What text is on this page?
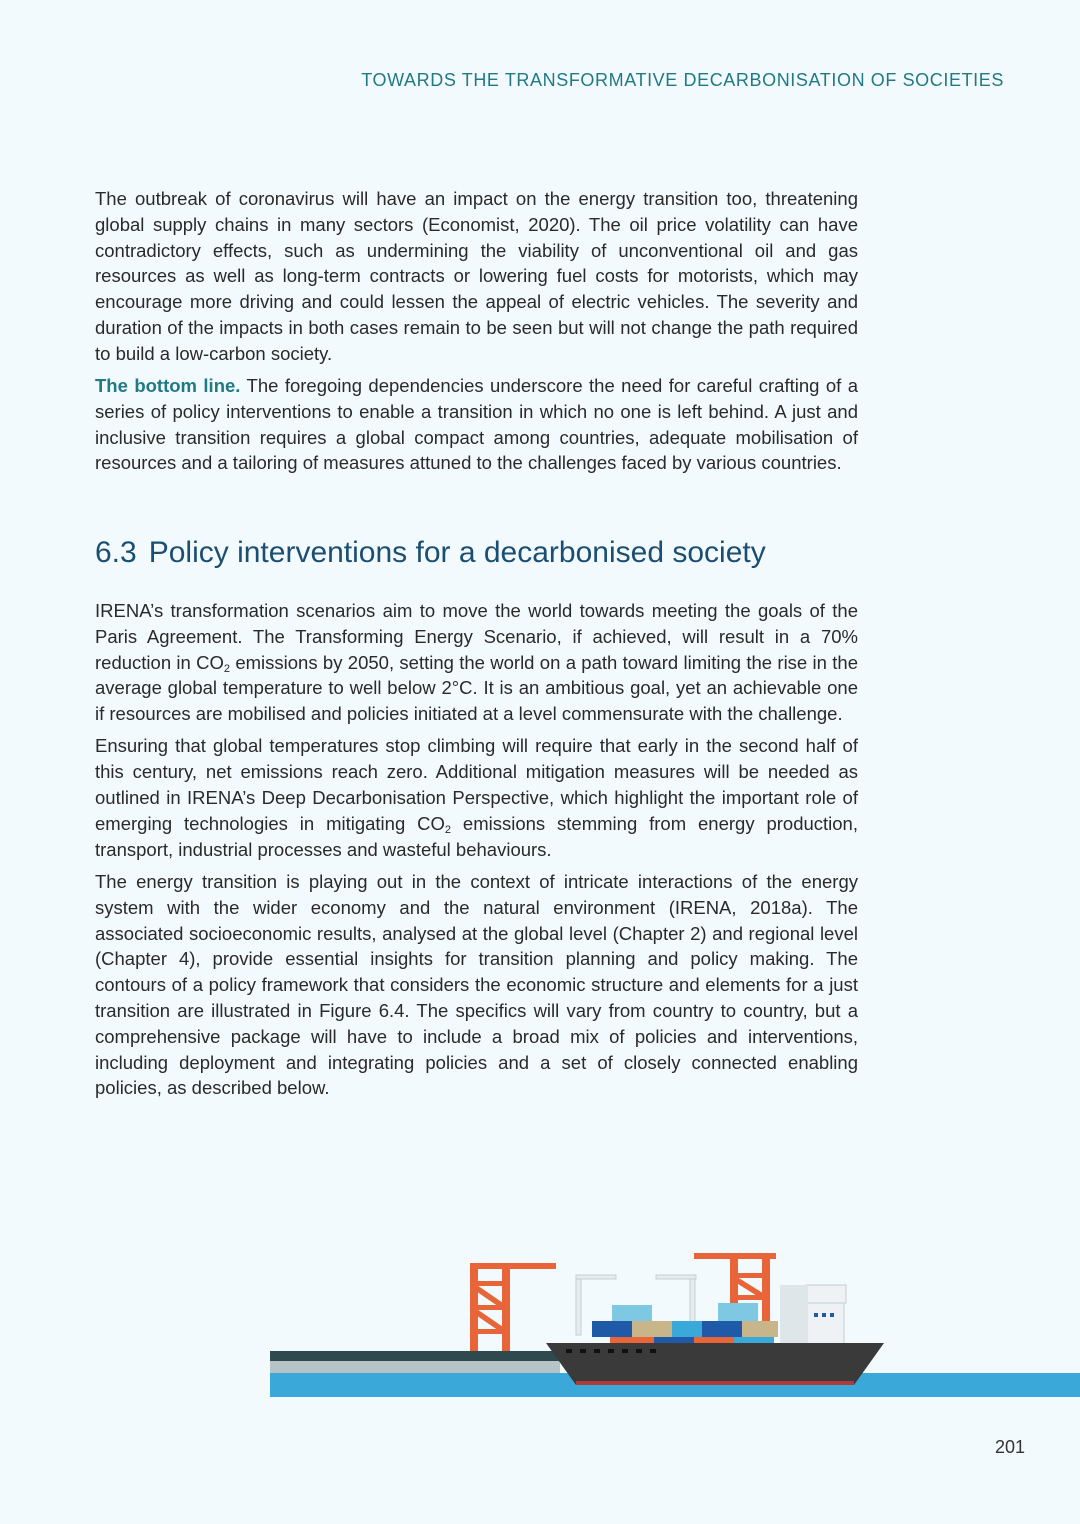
TOWARDS THE TRANSFORMATIVE DECARBONISATION OF SOCIETIES

The outbreak of coronavirus will have an impact on the energy transition too, threatening global supply chains in many sectors (Economist, 2020). The oil price volatility can have contradictory effects, such as undermining the viability of unconventional oil and gas resources as well as long-term contracts or lowering fuel costs for motorists, which may encourage more driving and could lessen the appeal of electric vehicles. The severity and duration of the impacts in both cases remain to be seen but will not change the path required to build a low-carbon society.

The bottom line. The foregoing dependencies underscore the need for careful crafting of a series of policy interventions to enable a transition in which no one is left behind. A just and inclusive transition requires a global compact among countries, adequate mobilisation of resources and a tailoring of measures attuned to the challenges faced by various countries.

6.3 Policy interventions for a decarbonised society

IRENA’s transformation scenarios aim to move the world towards meeting the goals of the Paris Agreement. The Transforming Energy Scenario, if achieved, will result in a 70% reduction in $CO_2$ emissions by 2050, setting the world on a path toward limiting the rise in the average global temperature to well below 2°C. It is an ambitious goal, yet an achievable one if resources are mobilised and policies initiated at a level commensurate with the challenge.

Ensuring that global temperatures stop climbing will require that early in the second half of this century, net emissions reach zero. Additional mitigation measures will be needed as outlined in IRENA’s Deep Decarbonisation Perspective, which highlight the important role of emerging technologies in mitigating $CO_2$ emissions stemming from energy production, transport, industrial processes and wasteful behaviours.

The energy transition is playing out in the context of intricate interactions of the energy system with the wider economy and the natural environment (IRENA, 2018a). The associated socioeconomic results, analysed at the global level (Chapter 2) and regional level (Chapter 4), provide essential insights for transition planning and policy making. The contours of a policy framework that considers the economic structure and elements for a just transition are illustrated in Figure 6.4. The specifics will vary from country to country, but a comprehensive package will have to include a broad mix of policies and interventions, including deployment and integrating policies and a set of closely connected enabling policies, as described below.

201
